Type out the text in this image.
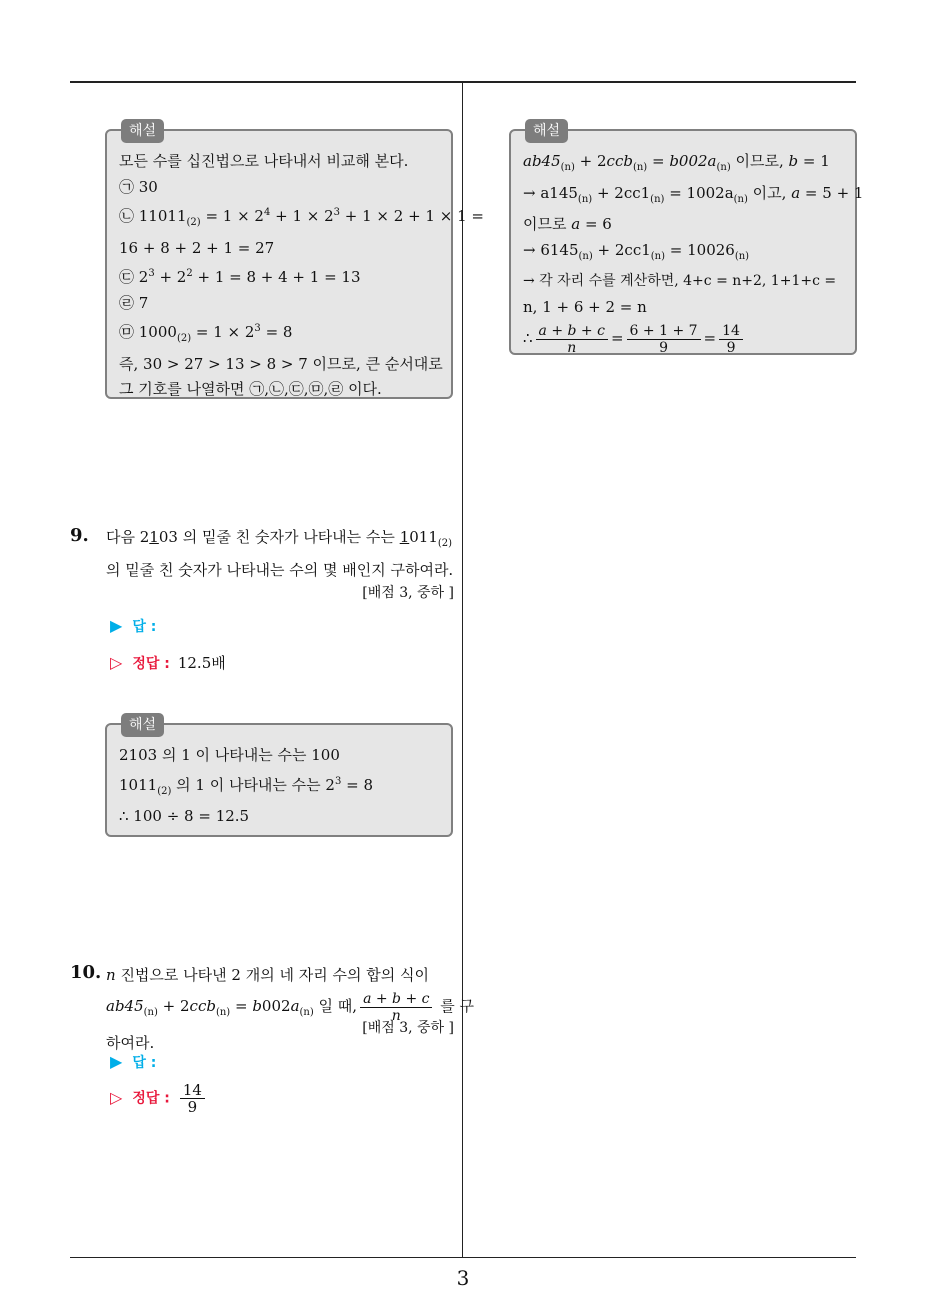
해설
모든 수를 십진법으로 나타내서 비교해 본다.
㉠ 30
㉡ $11011_{(2)} = 1 \times 2^4 + 1 \times 2^3 + 1 \times 2 + 1 \times 1$ =
16 + 8 + 2 + 1 = 27
㉢ $2^3 + 2^2 + 1 = 8 + 4 + 1 = 13$
㉣ 7
㉤ $1000_{(2)} = 1 \times 2^3 = 8$
즉, 30 > 27 > 13 > 8 > 7 이므로, 큰 순서대로
그 기호를 나열하면 ㉠,㉡,㉢,㉤,㉣ 이다.
9. 다음 2103 의 밑줄 친 숫자가 나타내는 수는 $1011_{(2)}$
의 밑줄 친 숫자가 나타내는 수의 몇 배인지 구하여라.
[배점 3, 중하 ]
▶ 답 :
▷ 정답 : 12.5배
해설
2103 의 1 이 나타내는 수는 100
$1011_{(2)}$ 의 1 이 나타내는 수는 $2^3 = 8$
∴ 100 ÷ 8 = 12.5
10. n 진법으로 나타낸 2 개의 네 자리 수의 합의 식이
$ab45_{(n)} + 2ccb_{(n)} = b002a_{(n)}$ 일 때, $\frac{a + b + c}{n}$ 를 구
하여라.
[배점 3, 중하 ]
▶ 답 :
▷ 정답 : $\frac{14}{9}$
해설
$ab45_{(n)} + 2ccb_{(n)} = b002a_{(n)}$ 이므로, b = 1
→ $a145_{(n)} + 2cc1_{(n)} = 1002a_{(n)}$ 이고, a = 5 + 1
이므로 a = 6
→ $6145_{(n)} + 2cc1_{(n)} = 10026_{(n)}$
→ 각 자리 수를 계산하면, 4+c = n+2, 1+1+c =
n, 1 + 6 + 2 = n
∴ $\frac{a + b + c}{n} = \frac{6 + 1 + 7}{9} = \frac{14}{9}$
3
